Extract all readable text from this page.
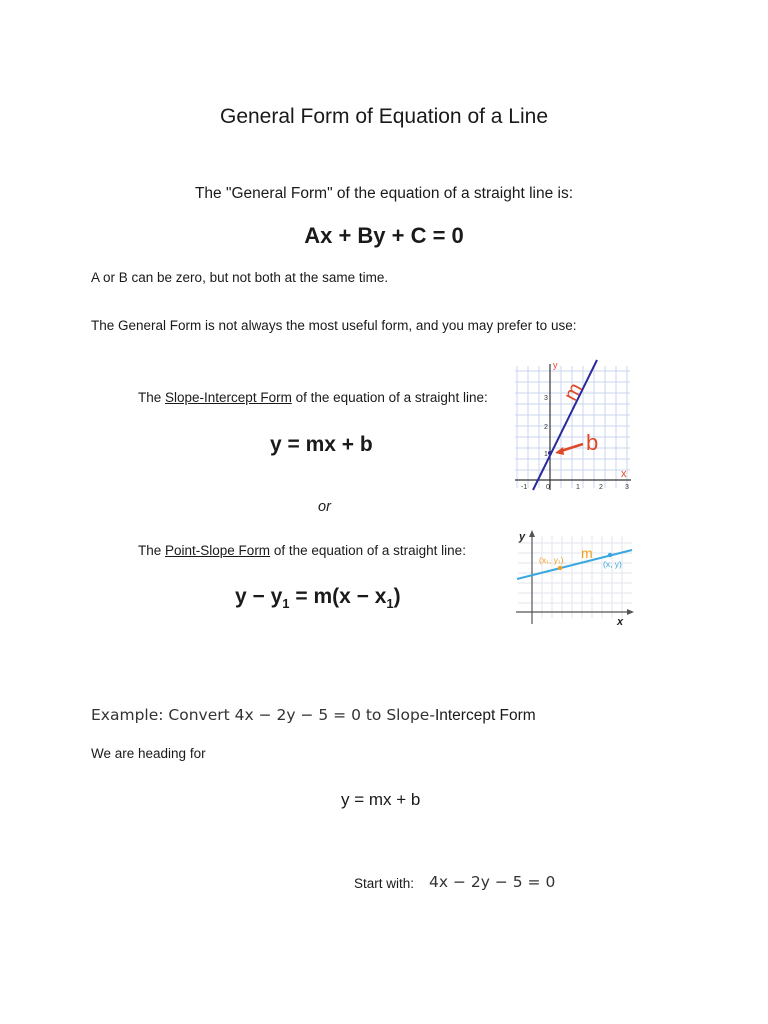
General Form of Equation of a Line
The "General Form" of the equation of a straight line is:
Ax + By + C = 0
A or B can be zero, but not both at the same time.
The General Form is not always the most useful form, and you may prefer to use:
The Slope-Intercept Form of the equation of a straight line:
y = mx + b
y
x
m
b
-1	0	1	2	3
3
2
1
or
The Point-Slope Form of the equation of a straight line:
$y - y_1 = m(x - x_1)$
y
x
(x₁, y₁) m
(x, y)
Example: Convert 4x − 2y − 5 = 0 to Slope-Intercept Form
We are heading for
y = mx + b
Start with: 4x − 2y − 5 = 0
